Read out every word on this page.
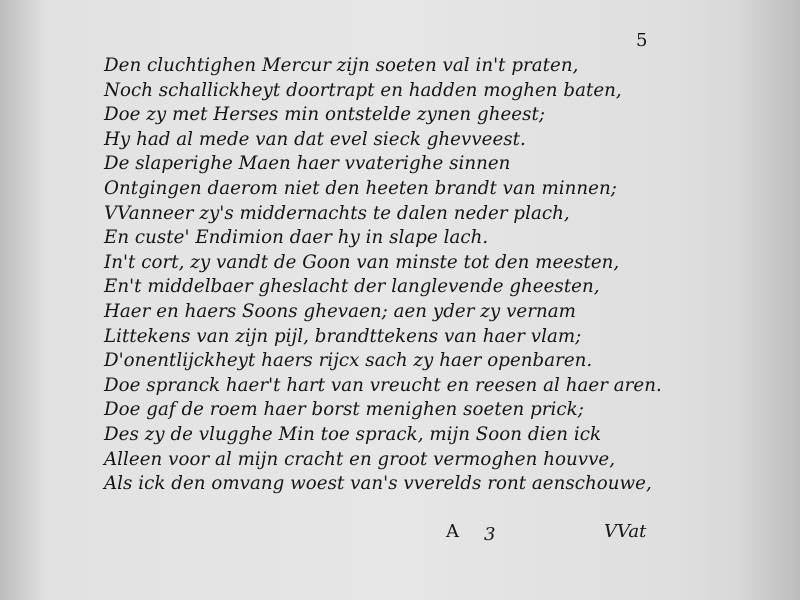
5
Den cluchtighen Mercur zijn soeten val in't praten,
Noch schallickheyt doortrapt en hadden moghen baten,
Doe zy met Herses min ontstelde zynen gheest;
Hy had al mede van dat evel sieck ghevveest.
De slaperighe Maen haer vvaterighe sinnen
Ontgingen daerom niet den heeten brandt van minnen;
VVanneer zy's middernachts te dalen neder plach,
En custe' Endimion daer hy in slape lach.
In't cort, zy vandt de Goon van minste tot den meesten,
En't middelbaer gheslacht der langlevende gheesten,
Haer en haers Soons ghevaen; aen yder zy vernam
Littekens van zijn pijl, brandttekens van haer vlam;
D'onentlijckheyt haers rijcx sach zy haer openbaren.
Doe spranck haer't hart van vreucht en reesen al haer aren.
Doe gaf de roem haer borst menighen soeten prick;
Des zy de vlugghe Min toe sprack, mijn Soon dien ick
Alleen voor al mijn cracht en groot vermoghen houvve,
Als ick den omvang woest van's vverelds ront aenschouwe,
A 3	VVat
